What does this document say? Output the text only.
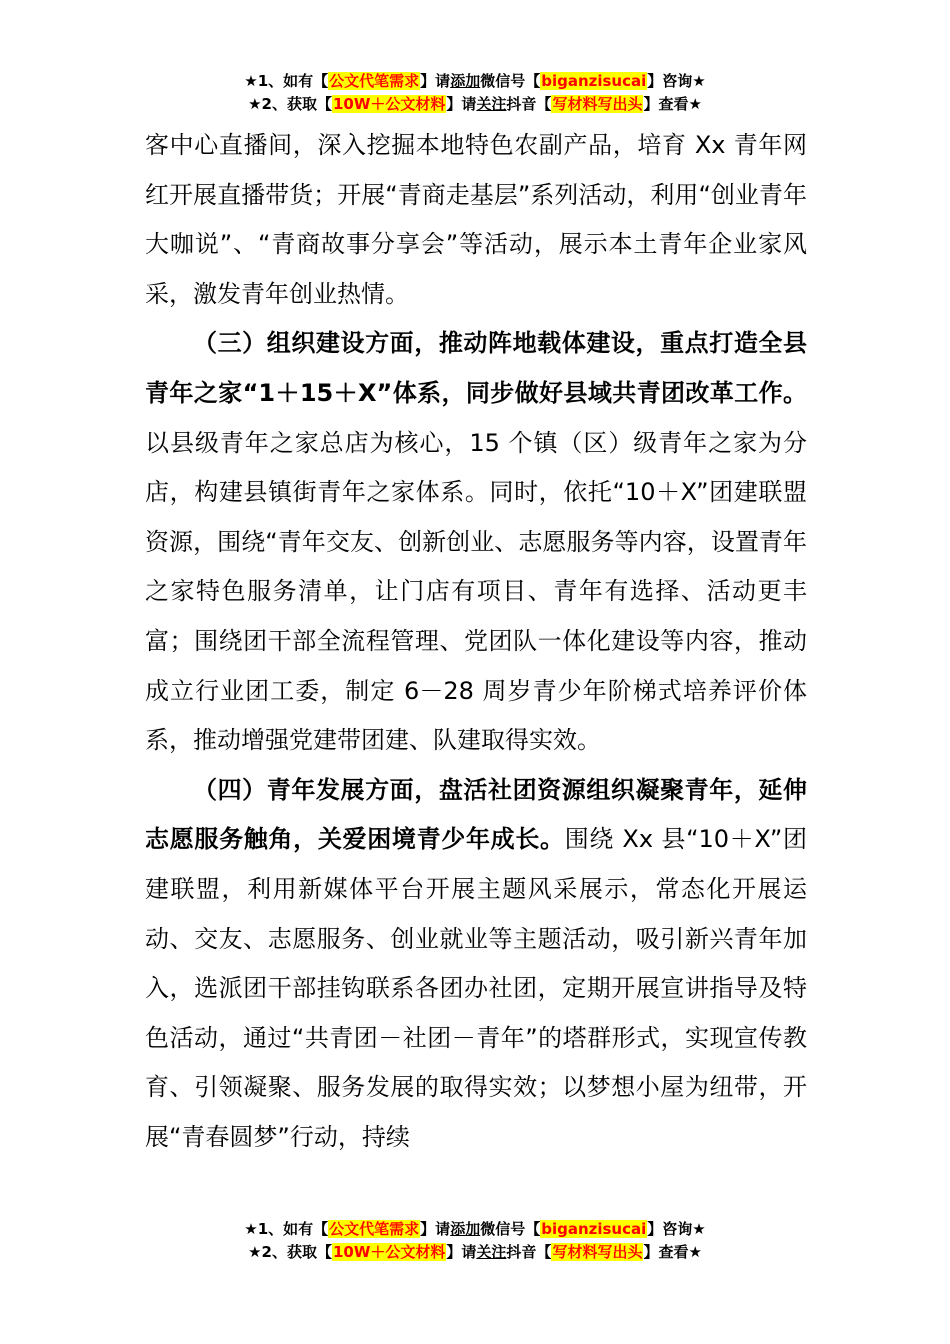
★1、如有【公文代笔需求】请添加微信号【biganzisucai】咨询★
★2、获取【10W＋公文材料】请关注抖音【写材料写出头】查看★

客中心直播间，深入挖掘本地特色农副产品，培育 Xx 青年网红开展直播带货；开展“青商走基层”系列活动，利用“创业青年大咖说”、“青商故事分享会”等活动，展示本土青年企业家风采，激发青年创业热情。

（三）组织建设方面，推动阵地载体建设，重点打造全县青年之家“1＋15＋X”体系，同步做好县域共青团改革工作。以县级青年之家总店为核心，15 个镇（区）级青年之家为分店，构建县镇街青年之家体系。同时，依托“10＋X”团建联盟资源，围绕“青年交友、创新创业、志愿服务等内容，设置青年之家特色服务清单，让门店有项目、青年有选择、活动更丰富；围绕团干部全流程管理、党团队一体化建设等内容，推动成立行业团工委，制定 6－28 周岁青少年阶梯式培养评价体系，推动增强党建带团建、队建取得实效。

（四）青年发展方面，盘活社团资源组织凝聚青年，延伸志愿服务触角，关爱困境青少年成长。围绕 Xx 县“10＋X”团建联盟，利用新媒体平台开展主题风采展示，常态化开展运动、交友、志愿服务、创业就业等主题活动，吸引新兴青年加入，选派团干部挂钩联系各团办社团，定期开展宣讲指导及特色活动，通过“共青团－社团－青年”的塔群形式，实现宣传教育、引领凝聚、服务发展的取得实效；以梦想小屋为纽带，开展“青春圆梦”行动，持续

★1、如有【公文代笔需求】请添加微信号【biganzisucai】咨询★
★2、获取【10W＋公文材料】请关注抖音【写材料写出头】查看★
